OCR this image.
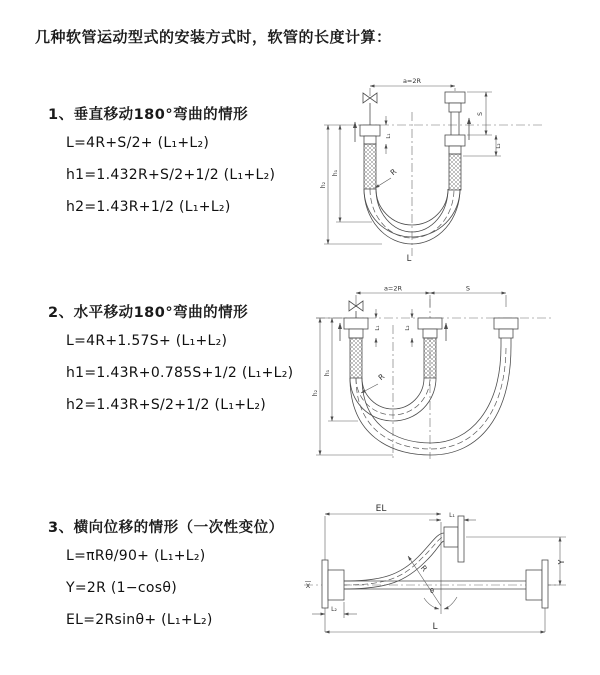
几种软管运动型式的安装方式时，软管的长度计算：
1、垂直移动180°弯曲的情形
L=4R+S/2+ (L₁+L₂)
h1=1.432R+S/2+1/2 (L₁+L₂)
h2=1.43R+1/2 (L₁+L₂)
2、水平移动180°弯曲的情形
L=4R+1.57S+ (L₁+L₂)
h1=1.43R+0.785S+1/2 (L₁+L₂)
h2=1.43R+S/2+1/2 (L₁+L₂)
3、横向位移的情形（一次性变位）
L=πRθ/90+ (L₁+L₂)
Y=2R (1−cosθ)
EL=2Rsinθ+ (L₁+L₂)
a=2R
L₁
S
L₂
h₁
h₂
R
L
a=2R	S
L₁	L₂
h₁
h₂
R
EL
L₁
X
Y
R
θ
L₂
L
